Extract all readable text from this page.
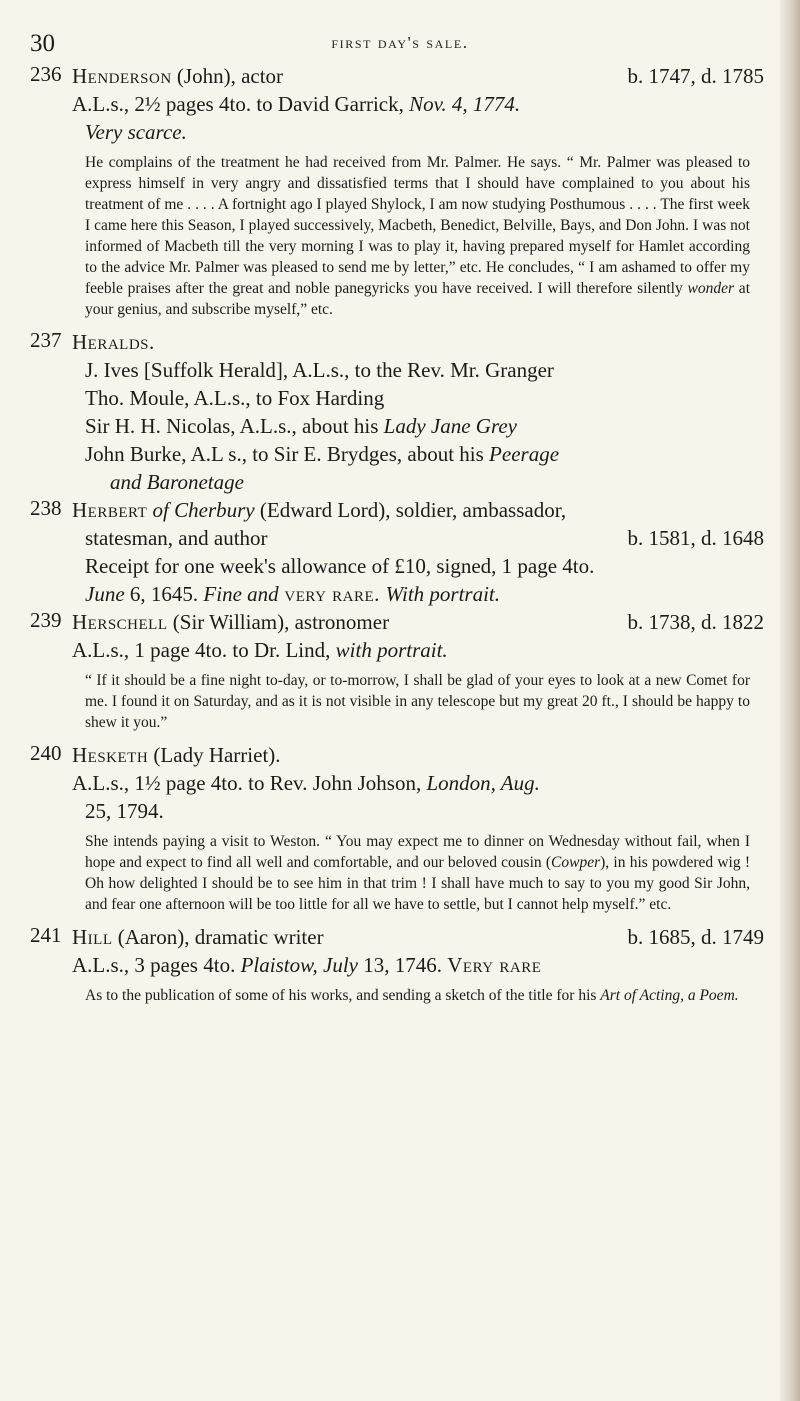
30	first day's sale.
236 Henderson (John), actor	b. 1747, d. 1785
A.L.s., 2½ pages 4to. to David Garrick, Nov. 4, 1774.
Very scarce.
He complains of the treatment he had received from Mr. Palmer. He says. “ Mr. Palmer was pleased to express himself in very angry and dissatisfied terms that I should have complained to you about his treatment of me . . . . A fortnight ago I played Shylock, I am now studying Posthumous . . . . The first week I came here this Season, I played successively, Macbeth, Benedict, Belville, Bays, and Don John. I was not informed of Macbeth till the very morning I was to play it, having prepared myself for Hamlet according to the advice Mr. Palmer was pleased to send me by letter,” etc. He concludes, “ I am ashamed to offer my feeble praises after the great and noble panegyricks you have received. I will therefore silently wonder at your genius, and subscribe myself,” etc.
237 Heralds.
J. Ives [Suffolk Herald], A.L.s., to the Rev. Mr. Granger
Tho. Moule, A.L.s., to Fox Harding
Sir H. H. Nicolas, A.L.s., about his Lady Jane Grey
John Burke, A.L s., to Sir E. Brydges, about his Peerage
and Baronetage
238 Herbert of Cherbury (Edward Lord), soldier, ambassador,
statesman, and author	b. 1581, d. 1648
Receipt for one week's allowance of £10, signed, 1 page 4to.
June 6, 1645. Fine and very rare. With portrait.
239 Herschell (Sir William), astronomer	b. 1738, d. 1822
A.L.s., 1 page 4to. to Dr. Lind, with portrait.
“ If it should be a fine night to-day, or to-morrow, I shall be glad of your eyes to look at a new Comet for me. I found it on Saturday, and as it is not visible in any telescope but my great 20 ft., I should be happy to shew it you.”
240 Hesketh (Lady Harriet).
A.L.s., 1½ page 4to. to Rev. John Johson, London, Aug.
25, 1794.
She intends paying a visit to Weston. “ You may expect me to dinner on Wednesday without fail, when I hope and expect to find all well and comfortable, and our beloved cousin (Cowper), in his powdered wig ! Oh how delighted I should be to see him in that trim ! I shall have much to say to you my good Sir John, and fear one afternoon will be too little for all we have to settle, but I cannot help myself.” etc.
241 Hill (Aaron), dramatic writer	b. 1685, d. 1749
A.L.s., 3 pages 4to. Plaistow, July 13, 1746. Very rare
As to the publication of some of his works, and sending a sketch of the title for his Art of Acting, a Poem.
